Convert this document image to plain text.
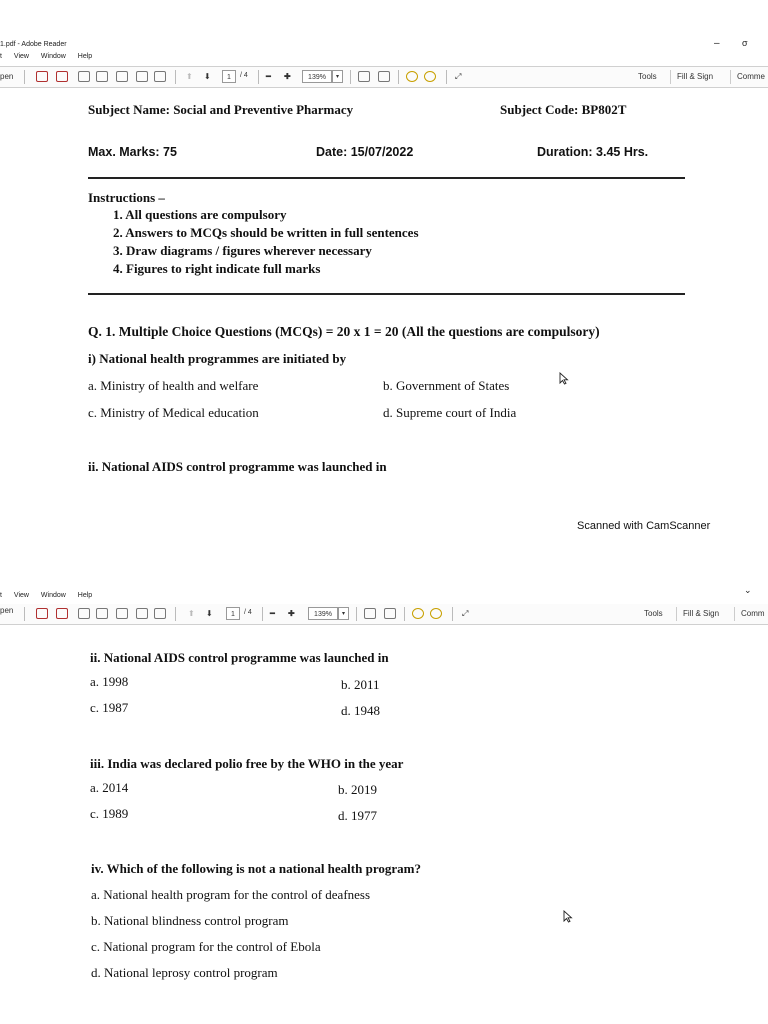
1.pdf - Adobe Reader	– σ
t View Window Help
pen	⬆ ⬇	1	/ 4 ━ ✚	139%	▾	⤢	Tools	Fill & Sign	Comme
Subject Name: Social and Preventive Pharmacy	Subject Code: BP802T
Max. Marks: 75	Date: 15/07/2022	Duration: 3.45 Hrs.
Instructions –
1. All questions are compulsory
2. Answers to MCQs should be written in full sentences
3. Draw diagrams / figures wherever necessary
4. Figures to right indicate full marks
Q. 1. Multiple Choice Questions (MCQs) = 20 x 1 = 20 (All the questions are compulsory)
i) National health programmes are initiated by
a. Ministry of health and welfare	b. Government of States
c. Ministry of Medical education	d. Supreme court of India
ii. National AIDS control programme was launched in
Scanned with CamScanner
⌄
t View Window Help
pen	⬆ ⬇	1	/ 4 ━ ✚	139%	▾	⤢	Tools	Fill & Sign	Comm
ii. National AIDS control programme was launched in
a. 1998	b. 2011
c. 1987	d. 1948
iii. India was declared polio free by the WHO in the year
a. 2014	b. 2019
c. 1989	d. 1977
iv. Which of the following is not a national health program?
a. National health program for the control of deafness
b. National blindness control program
c. National program for the control of Ebola
d. National leprosy control program
